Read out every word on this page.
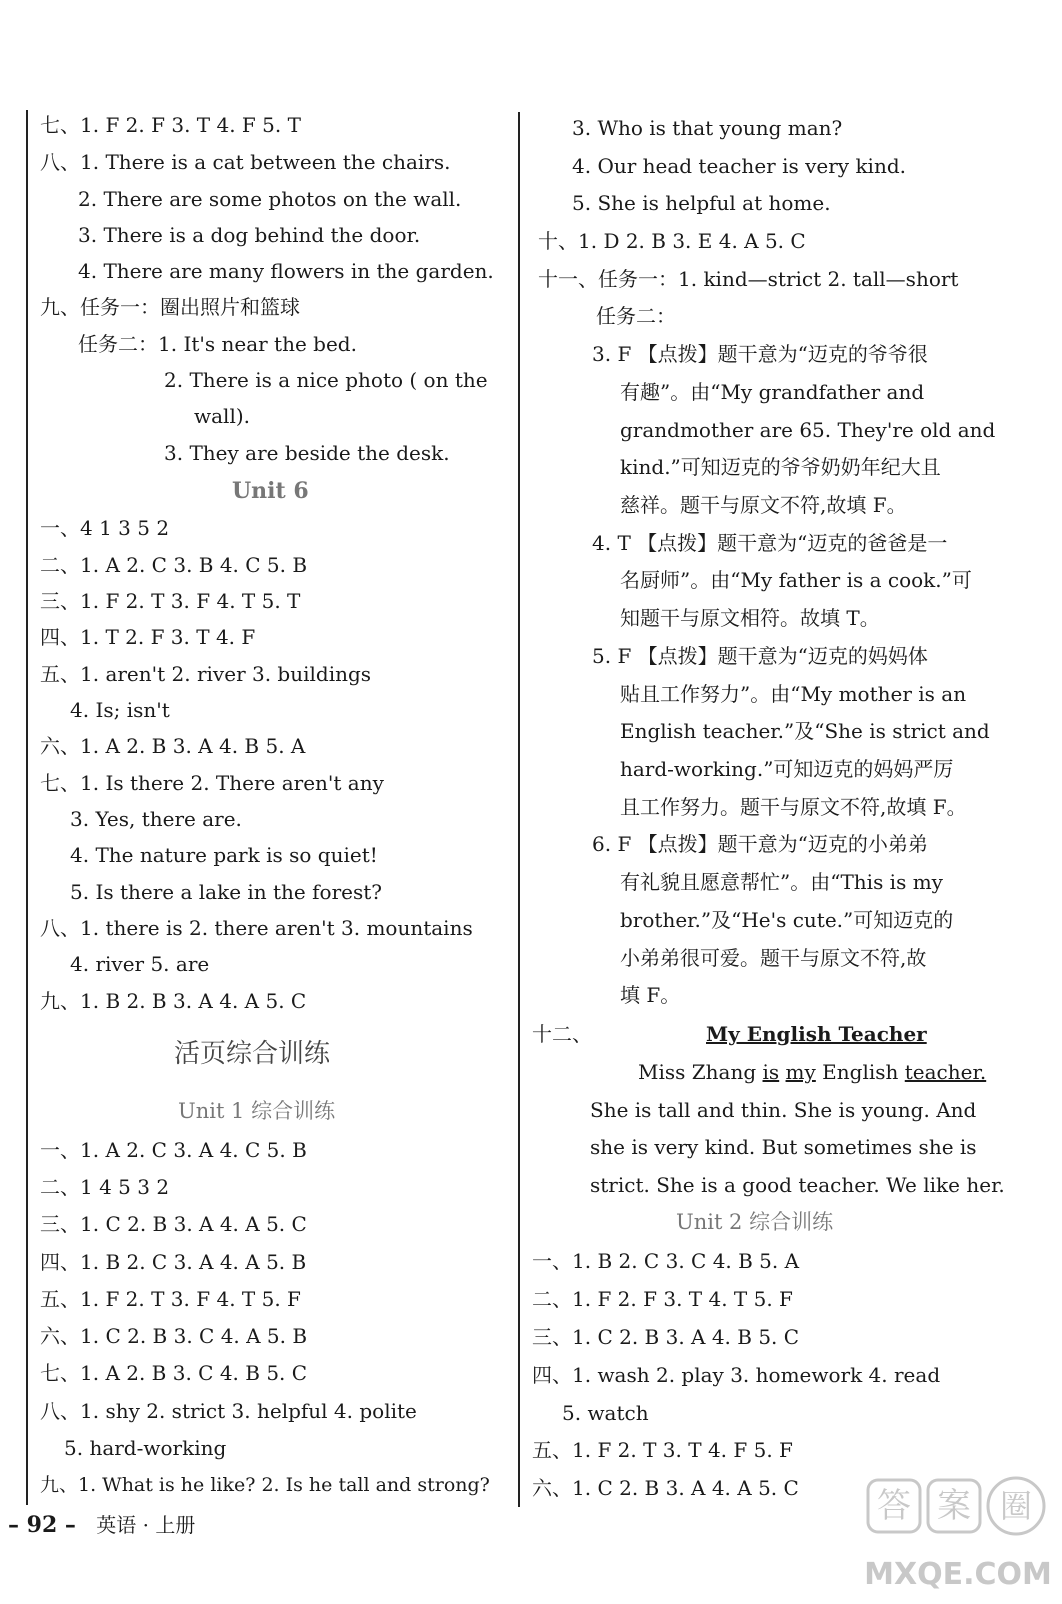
七、1. F 2. F 3. T 4. F 5. T
八、1. There is a cat between the chairs.
2. There are some photos on the wall.
3. There is a dog behind the door.
4. There are many flowers in the garden.
九、任务一：圈出照片和篮球
任务二：1. It's near the bed.
2. There is a nice photo ( on the
wall).
3. They are beside the desk.
Unit 6
一、4 1 3 5 2
二、1. A 2. C 3. B 4. C 5. B
三、1. F 2. T 3. F 4. T 5. T
四、1. T 2. F 3. T 4. F
五、1. aren't 2. river 3. buildings
4. Is; isn't
六、1. A 2. B 3. A 4. B 5. A
七、1. Is there 2. There aren't any
3. Yes, there are.
4. The nature park is so quiet!
5. Is there a lake in the forest?
八、1. there is 2. there aren't 3. mountains
4. river 5. are
九、1. B 2. B 3. A 4. A 5. C
活页综合训练
Unit 1 综合训练
一、1. A 2. C 3. A 4. C 5. B
二、1 4 5 3 2
三、1. C 2. B 3. A 4. A 5. C
四、1. B 2. C 3. A 4. A 5. B
五、1. F 2. T 3. F 4. T 5. F
六、1. C 2. B 3. C 4. A 5. B
七、1. A 2. B 3. C 4. B 5. C
八、1. shy 2. strict 3. helpful 4. polite
5. hard-working
九、1. What is he like? 2. Is he tall and strong?
3. Who is that young man?
4. Our head teacher is very kind.
5. She is helpful at home.
十、1. D 2. B 3. E 4. A 5. C
十一、任务一：1. kind—strict 2. tall—short
任务二：
3. F 【点拨】题干意为“迈克的爷爷很
有趣”。由“My grandfather and
grandmother are 65. They're old and
kind.”可知迈克的爷爷奶奶年纪大且
慈祥。题干与原文不符,故填 F。
4. T 【点拨】题干意为“迈克的爸爸是一
名厨师”。由“My father is a cook.”可
知题干与原文相符。故填 T。
5. F 【点拨】题干意为“迈克的妈妈体
贴且工作努力”。由“My mother is an
English teacher.”及“She is strict and
hard-working.”可知迈克的妈妈严厉
且工作努力。题干与原文不符,故填 F。
6. F 【点拨】题干意为“迈克的小弟弟
有礼貌且愿意帮忙”。由“This is my
brother.”及“He's cute.”可知迈克的
小弟弟很可爱。题干与原文不符,故
填 F。
十二、	My English Teacher
Miss Zhang is my English teacher.
She is tall and thin. She is young. And
she is very kind. But sometimes she is
strict. She is a good teacher. We like her.
Unit 2 综合训练
一、1. B 2. C 3. C 4. B 5. A
二、1. F 2. F 3. T 4. T 5. F
三、1. C 2. B 3. A 4. B 5. C
四、1. wash 2. play 3. homework 4. read
5. watch
五、1. F 2. T 3. T 4. F 5. F
六、1. C 2. B 3. A 4. A 5. C
– 92 – 英语 · 上册	答 案 圈
MXQE.COM
